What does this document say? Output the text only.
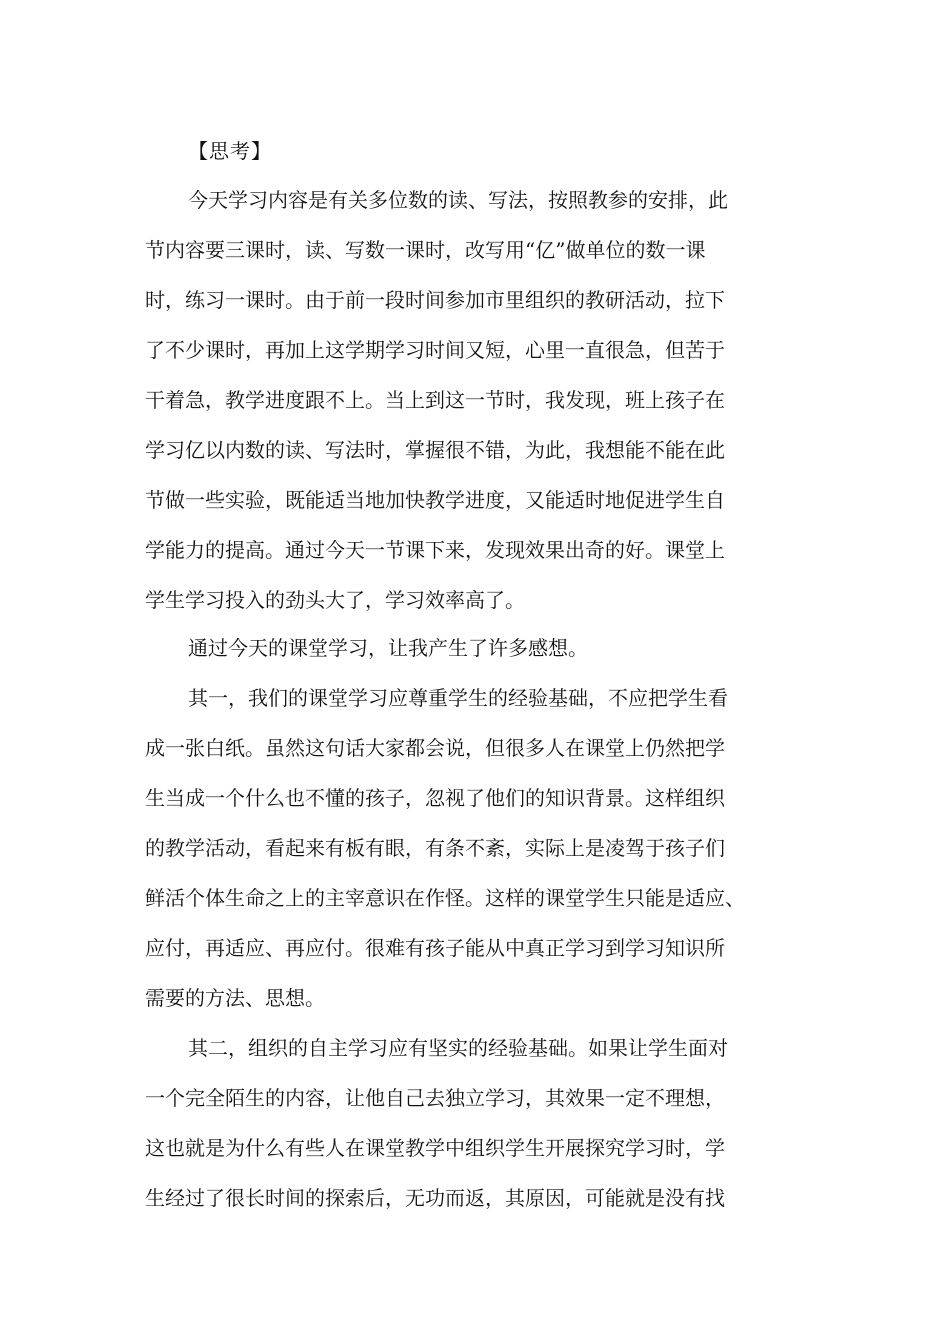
【思考】
今天学习内容是有关多位数的读、写法，按照教参的安排，此
节内容要三课时，读、写数一课时，改写用“亿”做单位的数一课
时，练习一课时。由于前一段时间参加市里组织的教研活动，拉下
了不少课时，再加上这学期学习时间又短，心里一直很急，但苦于
干着急，教学进度跟不上。当上到这一节时，我发现，班上孩子在
学习亿以内数的读、写法时，掌握很不错，为此，我想能不能在此
节做一些实验，既能适当地加快教学进度，又能适时地促进学生自
学能力的提高。通过今天一节课下来，发现效果出奇的好。课堂上
学生学习投入的劲头大了，学习效率高了。
通过今天的课堂学习，让我产生了许多感想。
其一，我们的课堂学习应尊重学生的经验基础，不应把学生看
成一张白纸。虽然这句话大家都会说，但很多人在课堂上仍然把学
生当成一个什么也不懂的孩子，忽视了他们的知识背景。这样组织
的教学活动，看起来有板有眼，有条不紊，实际上是凌驾于孩子们
鲜活个体生命之上的主宰意识在作怪。这样的课堂学生只能是适应、
应付，再适应、再应付。很难有孩子能从中真正学习到学习知识所
需要的方法、思想。
其二，组织的自主学习应有坚实的经验基础。如果让学生面对
一个完全陌生的内容，让他自己去独立学习，其效果一定不理想，
这也就是为什么有些人在课堂教学中组织学生开展探究学习时，学
生经过了很长时间的探索后，无功而返，其原因，可能就是没有找
